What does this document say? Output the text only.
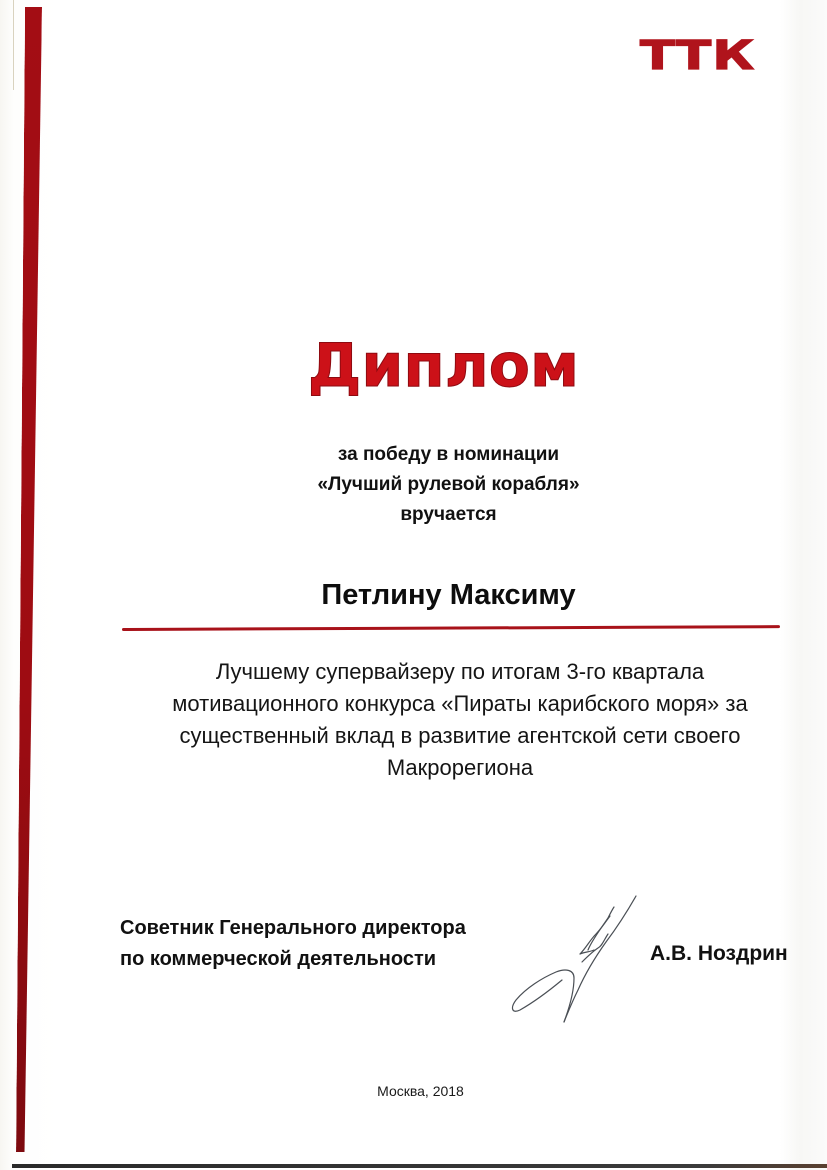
ТТК
Диплом
за победу в номинации
«Лучший рулевой корабля»
вручается
Петлину Максиму
Лучшему супервайзеру по итогам 3-го квартала
мотивационного конкурса «Пираты карибского моря» за
существенный вклад в развитие агентской сети своего
Макрорегиона
Советник Генерального директора
по коммерческой деятельности	А.В. Ноздрин
Москва, 2018
